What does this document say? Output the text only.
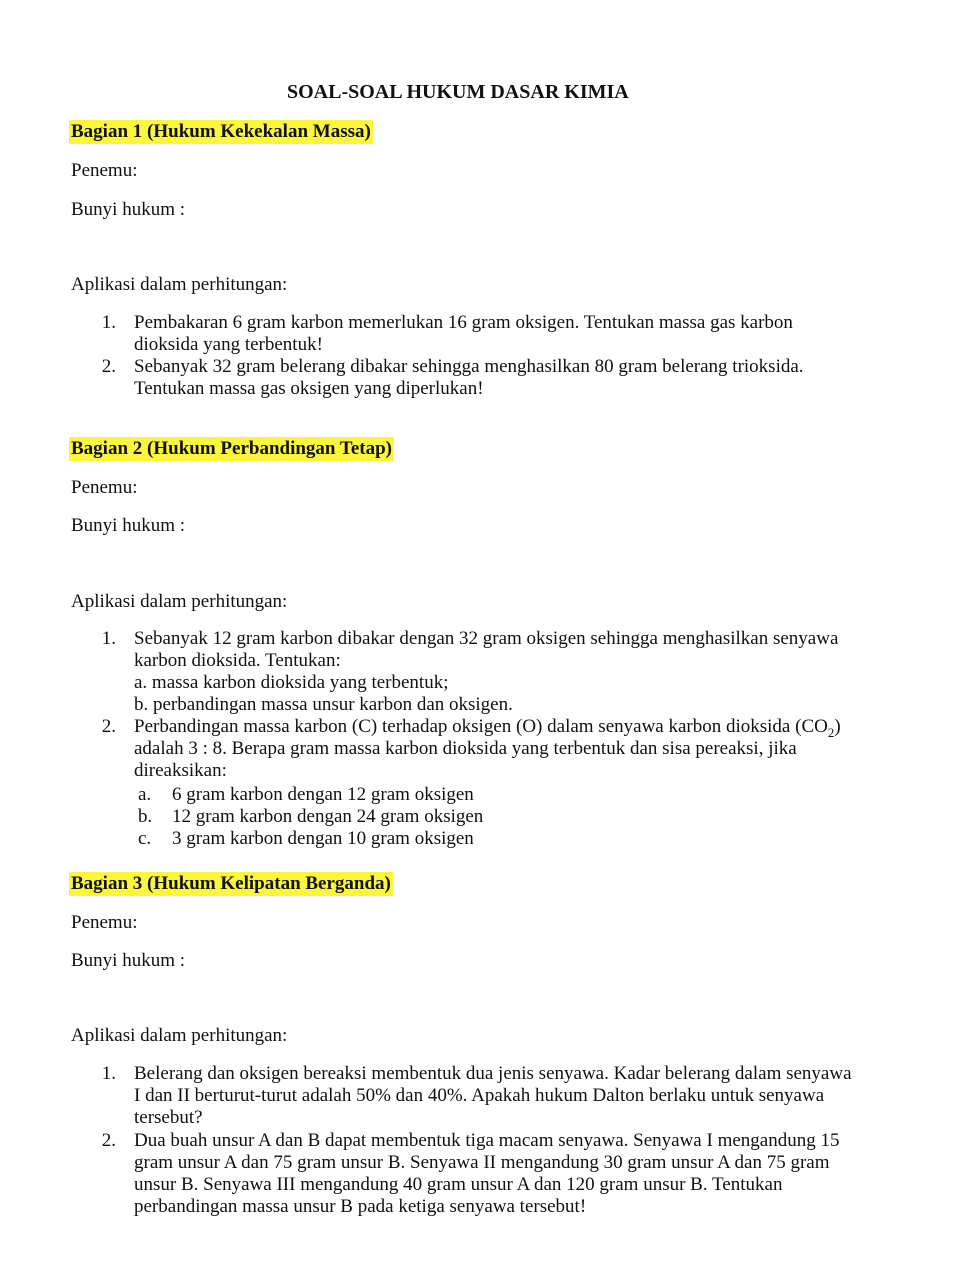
SOAL-SOAL HUKUM DASAR KIMIA
Bagian 1 (Hukum Kekekalan Massa)
Penemu:
Bunyi hukum :
Aplikasi dalam perhitungan:
1. Pembakaran 6 gram karbon memerlukan 16 gram oksigen. Tentukan massa gas karbon
dioksida yang terbentuk!
2. Sebanyak 32 gram belerang dibakar sehingga menghasilkan 80 gram belerang trioksida.
Tentukan massa gas oksigen yang diperlukan!
Bagian 2 (Hukum Perbandingan Tetap)
Penemu:
Bunyi hukum :
Aplikasi dalam perhitungan:
1. Sebanyak 12 gram karbon dibakar dengan 32 gram oksigen sehingga menghasilkan senyawa
karbon dioksida. Tentukan:
a. massa karbon dioksida yang terbentuk;
b. perbandingan massa unsur karbon dan oksigen.
2. Perbandingan massa karbon (C) terhadap oksigen (O) dalam senyawa karbon dioksida $(CO_2)$
adalah 3 : 8. Berapa gram massa karbon dioksida yang terbentuk dan sisa pereaksi, jika
direaksikan:
a. 6 gram karbon dengan 12 gram oksigen
b. 12 gram karbon dengan 24 gram oksigen
c. 3 gram karbon dengan 10 gram oksigen
Bagian 3 (Hukum Kelipatan Berganda)
Penemu:
Bunyi hukum :
Aplikasi dalam perhitungan:
1. Belerang dan oksigen bereaksi membentuk dua jenis senyawa. Kadar belerang dalam senyawa
I dan II berturut-turut adalah 50% dan 40%. Apakah hukum Dalton berlaku untuk senyawa
tersebut?
2. Dua buah unsur A dan B dapat membentuk tiga macam senyawa. Senyawa I mengandung 15
gram unsur A dan 75 gram unsur B. Senyawa II mengandung 30 gram unsur A dan 75 gram
unsur B. Senyawa III mengandung 40 gram unsur A dan 120 gram unsur B. Tentukan
perbandingan massa unsur B pada ketiga senyawa tersebut!
